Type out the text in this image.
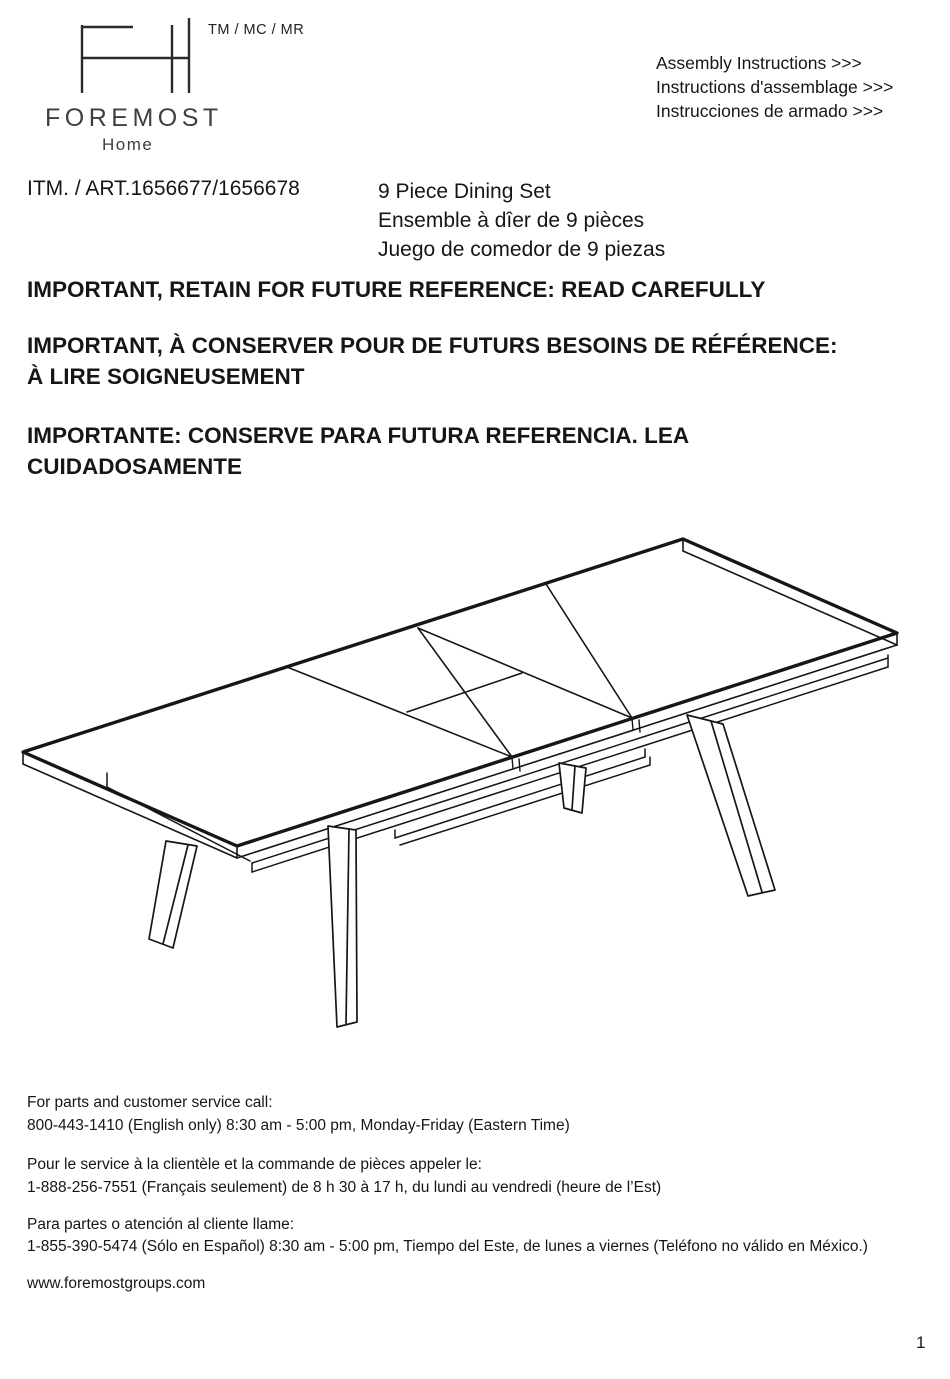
TM / MC / MR
FOREMOST
Home
Assembly Instructions >>>
Instructions d'assemblage >>>
Instrucciones de armado >>>
ITM. / ART.1656677/1656678	9 Piece Dining Set
Ensemble à dîer de 9 pièces
Juego de comedor de 9 piezas
IMPORTANT, RETAIN FOR FUTURE REFERENCE: READ CAREFULLY
IMPORTANT, À CONSERVER POUR DE FUTURS BESOINS DE RÉFÉRENCE:
À LIRE SOIGNEUSEMENT
IMPORTANTE: CONSERVE PARA FUTURA REFERENCIA. LEA
CUIDADOSAMENTE
For parts and customer service call:
800-443-1410 (English only) 8:30 am - 5:00 pm, Monday-Friday (Eastern Time)
Pour le service à la clientèle et la commande de pièces appeler le:
1-888-256-7551 (Français seulement) de 8 h 30 à 17 h, du lundi au vendredi (heure de l’Est)
Para partes o atención al cliente llame:
1-855-390-5474 (Sólo en Español) 8:30 am - 5:00 pm, Tiempo del Este, de lunes a viernes (Teléfono no válido en México.)
www.foremostgroups.com
1
